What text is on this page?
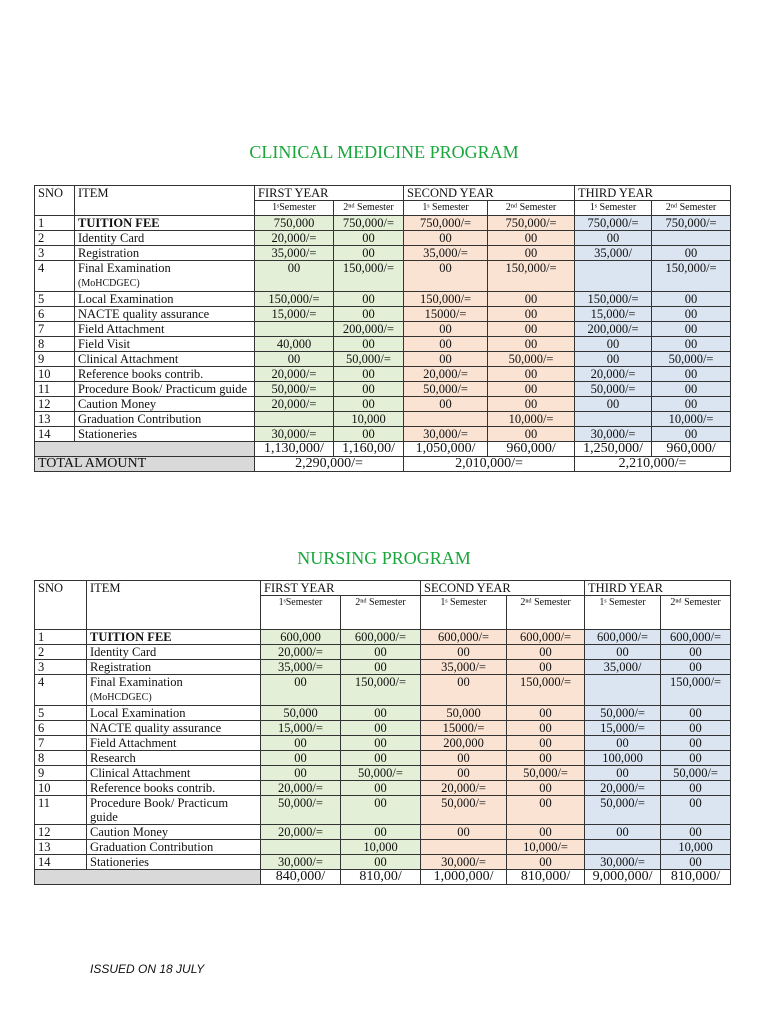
CLINICAL MEDICINE PROGRAM
SNO	ITEM	FIRST YEAR		SECOND YEAR		THIRD YEAR	
		1ˢSemester	2ⁿᵈ Semester	1ˢ Semester	2ⁿᵈ Semester	1ˢ Semester	2ⁿᵈ Semester
1	TUITION FEE	750,000	750,000/=	750,000/=	750,000/=	750,000/=	750,000/=
2	Identity Card	20,000/=	00	00	00	00	
3	Registration	35,000/=	00	35,000/=	00	35,000/	00
4	Final Examination
(MoHCDGEC)	00	150,000/=	00	150,000/=		150,000/=
5	Local Examination	150,000/=	00	150,000/=	00	150,000/=	00
6	NACTE quality assurance	15,000/=	00	15000/=	00	15,000/=	00
7	Field Attachment		200,000/=	00	00	200,000/=	00
8	Field Visit	40,000	00	00	00	00	00
9	Clinical Attachment	00	50,000/=	00	50,000/=	00	50,000/=
10	Reference books contrib.	20,000/=	00	20,000/=	00	20,000/=	00
11	Procedure Book/ Practicum guide	50,000/=	00	50,000/=	00	50,000/=	00
12	Caution Money	20,000/=	00	00	00	00	00
13	Graduation Contribution		10,000		10,000/=		10,000/=
14	Stationeries	30,000/=	00	30,000/=	00	30,000/=	00
		1,130,000/	1,160,00/	1,050,000/	960,000/	1,250,000/	960,000/
TOTAL AMOUNT		2,290,000/=		2,010,000/=		2,210,000/=	
NURSING PROGRAM
SNO	ITEM	FIRST YEAR		SECOND YEAR		THIRD YEAR	
		1ˢSemester	2ⁿᵈ Semester	1ˢ Semester	2ⁿᵈ Semester	1ˢ Semester	2ⁿᵈ Semester
1	TUITION FEE	600,000	600,000/=	600,000/=	600,000/=	600,000/=	600,000/=
2	Identity Card	20,000/=	00	00	00	00	00
3	Registration	35,000/=	00	35,000/=	00	35,000/	00
4	Final Examination
(MoHCDGEC)	00	150,000/=	00	150,000/=		150,000/=
5	Local Examination	50,000	00	50,000	00	50,000/=	00
6	NACTE quality assurance	15,000/=	00	15000/=	00	15,000/=	00
7	Field Attachment	00	00	200,000	00	00	00
8	Research	00	00	00	00	100,000	00
9	Clinical Attachment	00	50,000/=	00	50,000/=	00	50,000/=
10	Reference books contrib.	20,000/=	00	20,000/=	00	20,000/=	00
11	Procedure Book/ Practicum guide	50,000/=	00	50,000/=	00	50,000/=	00
12	Caution Money	20,000/=	00	00	00	00	00
13	Graduation Contribution		10,000		10,000/=		10,000
14	Stationeries	30,000/=	00	30,000/=	00	30,000/=	00
		840,000/	810,00/	1,000,000/	810,000/	9,000,000/	810,000/
ISSUED ON 18 JULY
